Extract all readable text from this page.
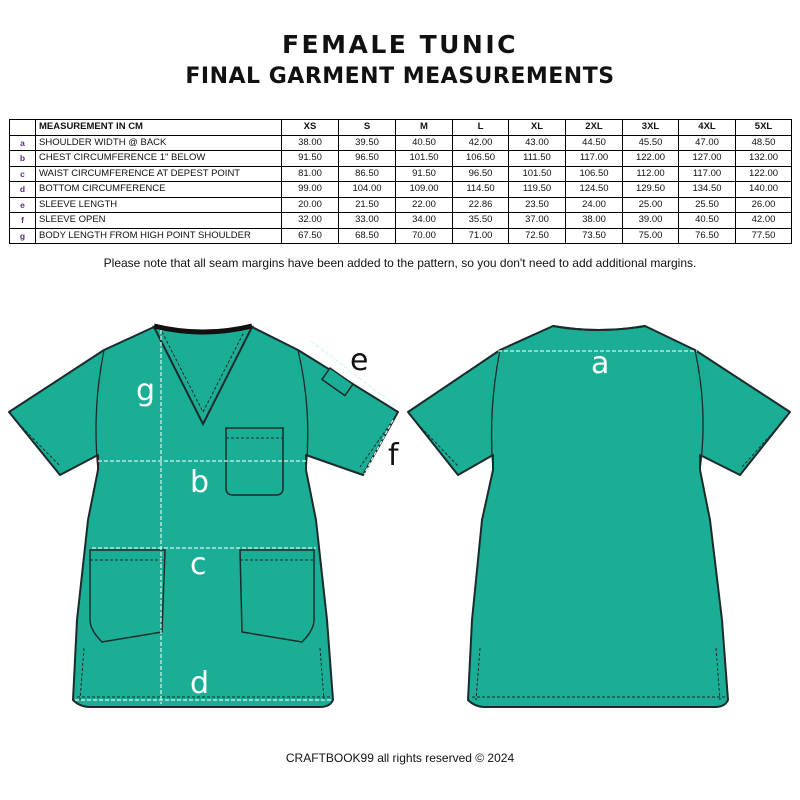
FEMALE TUNIC
FINAL GARMENT MEASUREMENTS
	MEASUREMENT IN CM	XS	S	M	L	XL	2XL	3XL	4XL	5XL
a	SHOULDER WIDTH @ BACK	38.00	39.50	40.50	42.00	43.00	44.50	45.50	47.00	48.50
b	CHEST CIRCUMFERENCE 1" BELOW	91.50	96.50	101.50	106.50	111.50	117.00	122.00	127.00	132.00
c	WAIST CIRCUMFERENCE AT DEPEST POINT	81.00	86.50	91.50	96.50	101.50	106.50	112.00	117.00	122.00
d	BOTTOM CIRCUMFERENCE	99.00	104.00	109.00	114.50	119.50	124.50	129.50	134.50	140.00
e	SLEEVE LENGTH	20.00	21.50	22.00	22.86	23.50	24.00	25.00	25.50	26.00
f	SLEEVE OPEN	32.00	33.00	34.00	35.50	37.00	38.00	39.00	40.50	42.00
g	BODY LENGTH FROM HIGH POINT SHOULDER	67.50	68.50	70.00	71.00	72.50	73.50	75.00	76.50	77.50
Please note that all seam margins have been added to the pattern, so you don't need to add additional margins.
g
b
c
d
e
f
a
CRAFTBOOK99 all rights reserved © 2024
